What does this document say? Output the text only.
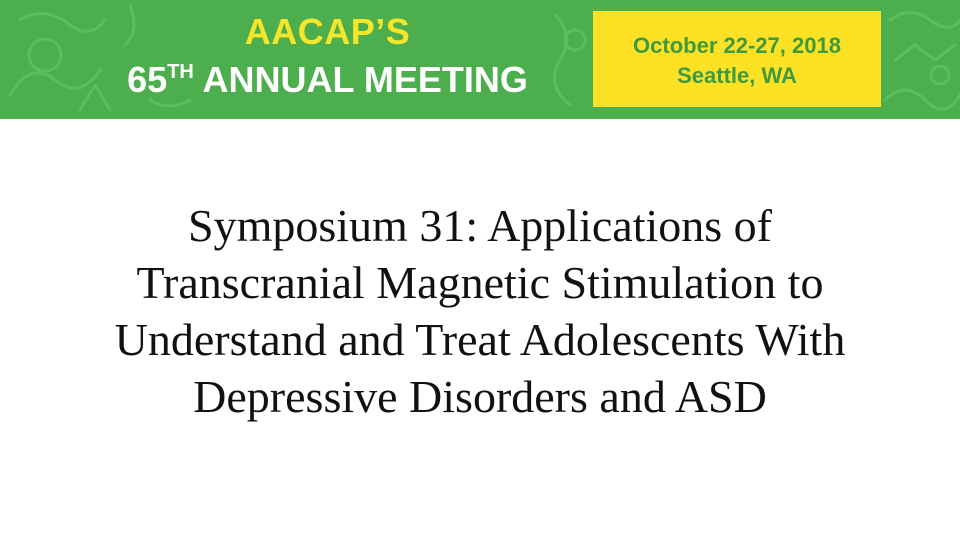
AACAP’S
65TH ANNUAL MEETING
October 22-27, 2018
Seattle, WA
Symposium 31: Applications of
Transcranial Magnetic Stimulation to
Understand and Treat Adolescents With
Depressive Disorders and ASD
